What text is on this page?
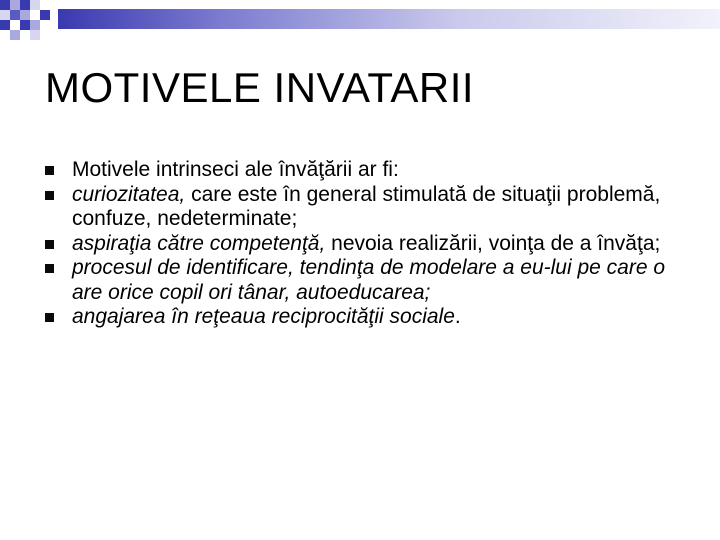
MOTIVELE INVATARII
Motivele intrinseci ale învăţării ar fi:
curiozitatea, care este în general stimulată de situaţii problemă, confuze, nedeterminate;
aspiraţia către competenţă, nevoia realizării, voinţa de a învăţa;
procesul de identificare, tendinţa de modelare a eu-lui pe care o are orice copil ori tânar, autoeducarea;
angajarea în reţeaua reciprocităţii sociale.
